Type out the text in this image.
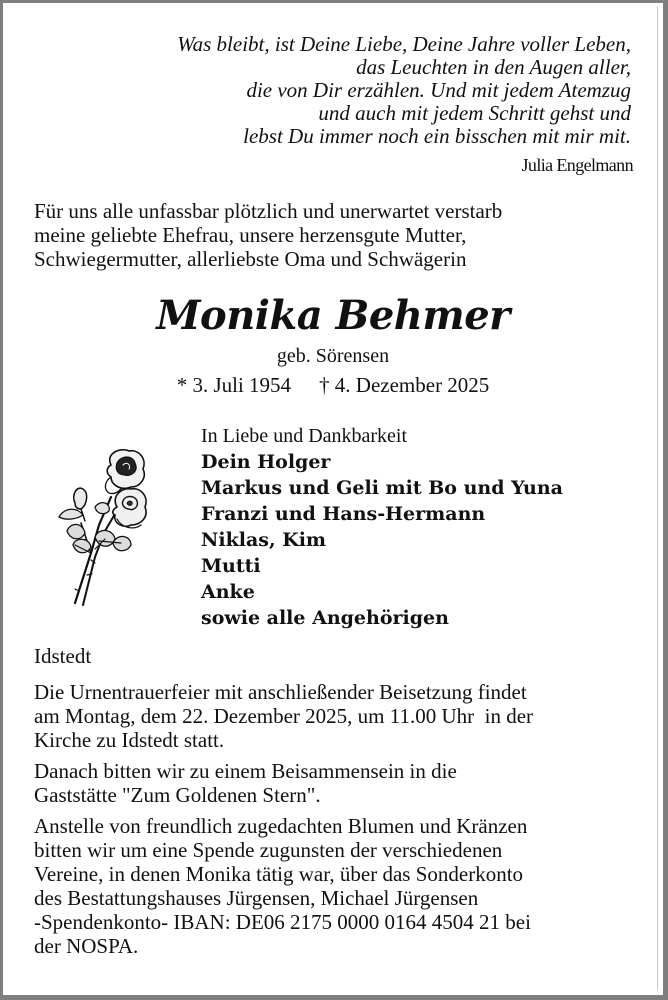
Was bleibt, ist Deine Liebe, Deine Jahre voller Leben,
das Leuchten in den Augen aller,
die von Dir erzählen. Und mit jedem Atemzug
und auch mit jedem Schritt gehst und
lebst Du immer noch ein bisschen mit mir mit.
Julia Engelmann
Für uns alle unfassbar plötzlich und unerwartet verstarb
meine geliebte Ehefrau, unsere herzensgute Mutter,
Schwiegermutter, allerliebste Oma und Schwägerin
Monika Behmer
geb. Sörensen
* 3. Juli 1954 † 4. Dezember 2025
In Liebe und Dankbarkeit
Dein Holger
Markus und Geli mit Bo und Yuna
Franzi und Hans-Hermann
Niklas, Kim
Mutti
Anke
sowie alle Angehörigen
Idstedt
Die Urnentrauerfeier mit anschließender Beisetzung findet
am Montag, dem 22. Dezember 2025, um 11.00 Uhr  in der
Kirche zu Idstedt statt.
Danach bitten wir zu einem Beisammensein in die
Gaststätte "Zum Goldenen Stern".
Anstelle von freundlich zugedachten Blumen und Kränzen
bitten wir um eine Spende zugunsten der verschiedenen
Vereine, in denen Monika tätig war, über das Sonderkonto
des Bestattungshauses Jürgensen, Michael Jürgensen
-Spendenkonto- IBAN: DE06 2175 0000 0164 4504 21 bei
der NOSPA.
